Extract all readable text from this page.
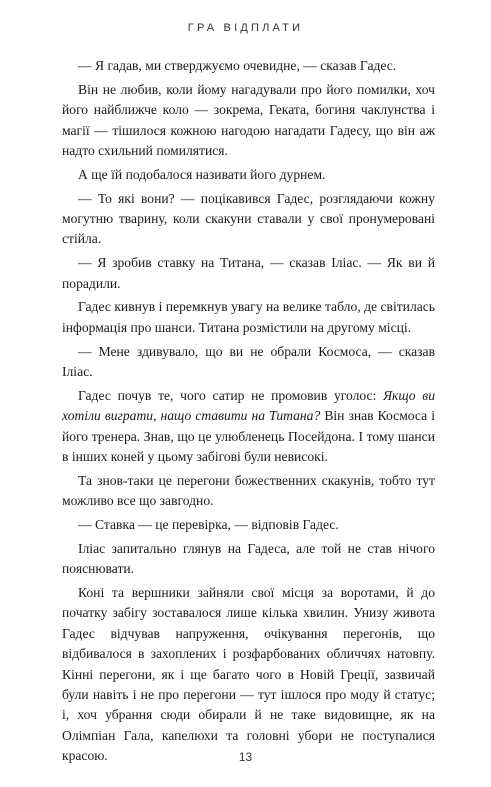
ГРА ВІДПЛАТИ

— Я гадав, ми стверджуємо очевидне, — сказав Гадес.

Він не любив, коли йому нагадували про його помилки, хоч його найближче коло — зокрема, Геката, богиня чаклунства і магії — тішилося кожною нагодою нагадати Гадесу, що він аж надто схильний помилятися.

А ще їй подобалося називати його дурнем.

— То які вони? — поцікавився Гадес, розглядаючи кожну могутню тварину, коли скакуни ставали у свої пронумеровані стійла.

— Я зробив ставку на Титана, — сказав Іліас. — Як ви й порадили.

Гадес кивнув і перемкнув увагу на велике табло, де світилась інформація про шанси. Титана розмістили на другому місці.

— Мене здивувало, що ви не обрали Космоса, — сказав Іліас.

Гадес почув те, чого сатир не промовив уголос: Якщо ви хотіли виграти, нащо ставити на Титана? Він знав Космоса і його тренера. Знав, що це улюбленець Посейдона. І тому шанси в інших коней у цьому забігові були невисокі.

Та знов-таки це перегони божественних скакунів, тобто тут можливо все що завгодно.

— Ставка — це перевірка, — відповів Гадес.

Іліас запитально глянув на Гадеса, але той не став нічого пояснювати.

Коні та вершники зайняли свої місця за воротами, й до початку забігу зоставалося лише кілька хвилин. Унизу живота Гадес відчував напруження, очікування перегонів, що відбивалося в захоплених і розфарбованих обличчях натовпу. Кінні перегони, як і ще багато чого в Новій Греції, зазвичай були навіть і не про перегони — тут ішлося про моду й статус; і, хоч убрання сюди обирали й не таке видовищне, як на Олімпіан Гала, капелюхи та головні убори не поступалися красою.	13
